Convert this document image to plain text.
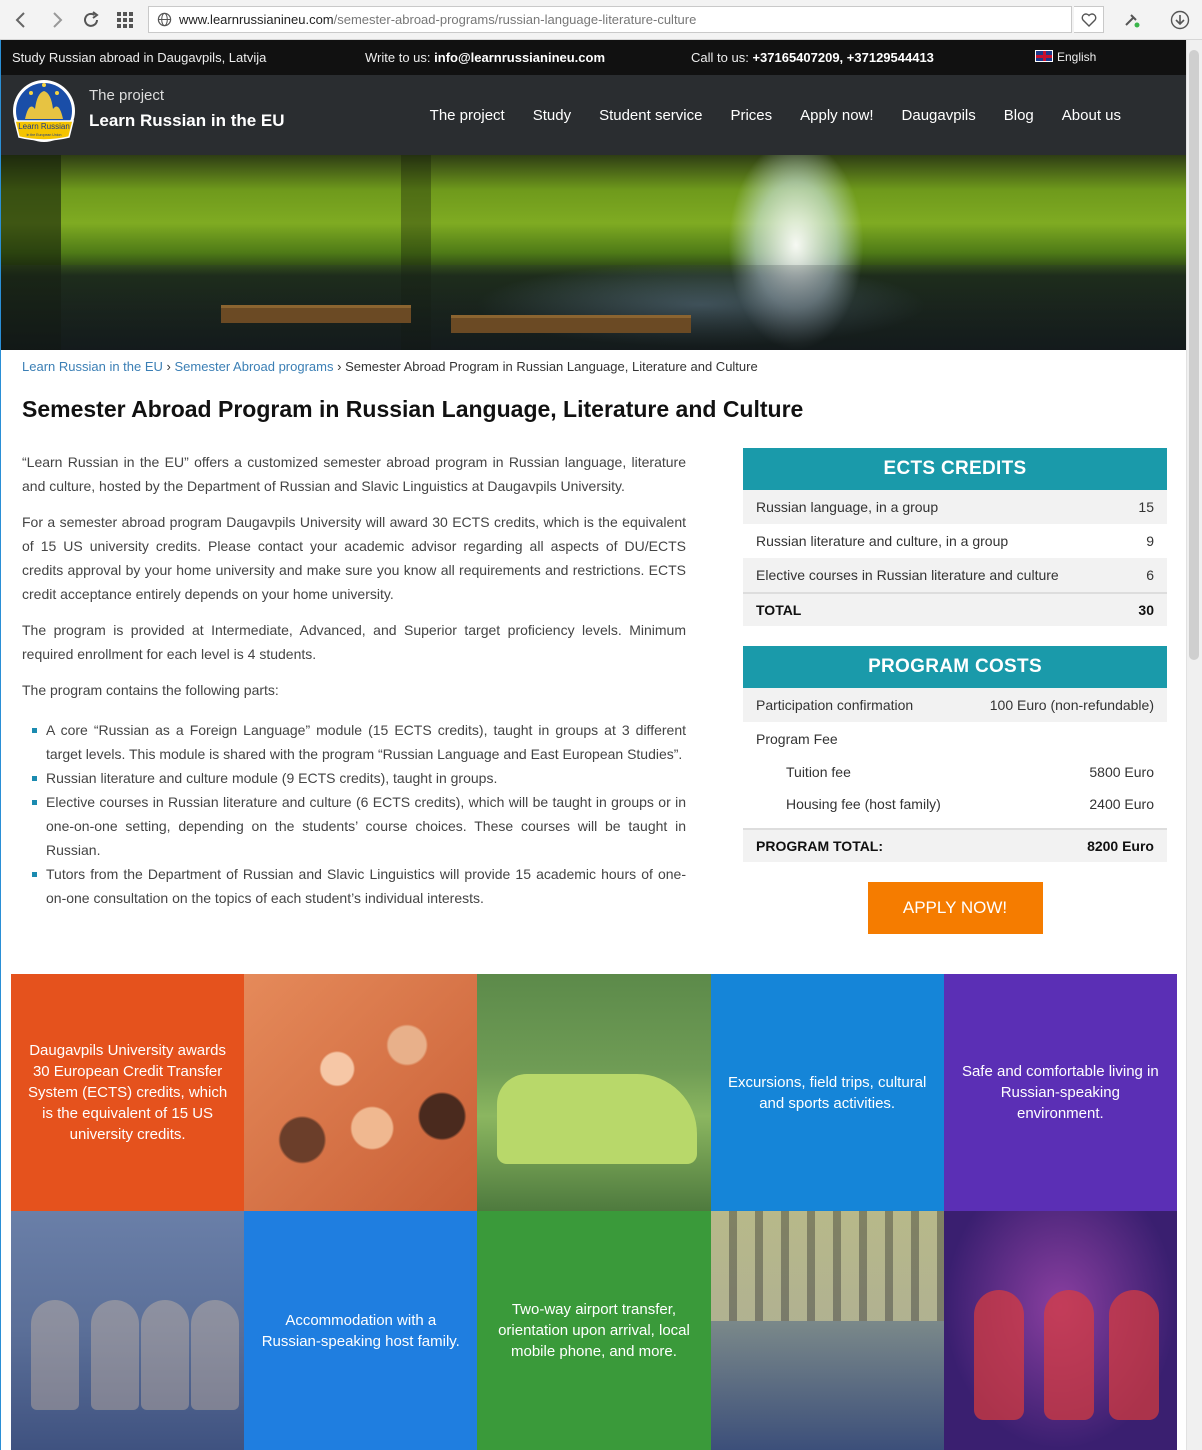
www.learnrussianineu.com /semester-abroad-programs/russian-language-literature-culture
Study Russian abroad in Daugavpils, Latvija	Write to us: info@learnrussianineu.com	Call to us: +37165407209, +37129544413	English
Learn Russian
in the European Union
The project
Learn Russian in the EU	The project Study Student service Prices Apply now! Daugavpils Blog About us
Learn Russian in the EU › Semester Abroad programs › Semester Abroad Program in Russian Language, Literature and Culture
Semester Abroad Program in Russian Language, Literature and Culture

“Learn Russian in the EU” offers a customized semester abroad program in Russian language, literature and culture, hosted by the Department of Russian and Slavic Linguistics at Daugavpils University.

For a semester abroad program Daugavpils University will award 30 ECTS credits, which is the equivalent of 15 US university credits. Please contact your academic advisor regarding all aspects of DU/ECTS credits approval by your home university and make sure you know all requirements and restrictions. ECTS credit acceptance entirely depends on your home university.

The program is provided at Intermediate, Advanced, and Superior target proficiency levels. Minimum required enrollment for each level is 4 students.

The program contains the following parts:

A core “Russian as a Foreign Language” module (15 ECTS credits), taught in groups at 3 different target levels. This module is shared with the program “Russian Language and East European Studies”.
Russian literature and culture module (9 ECTS credits), taught in groups.
Elective courses in Russian literature and culture (6 ECTS credits), which will be taught in groups or in one-on-one setting, depending on the students’ course choices. These courses will be taught in Russian.
Tutors from the Department of Russian and Slavic Linguistics will provide 15 academic hours of one-on-one consultation on the topics of each student’s individual interests.
ECTS CREDITS
Russian language, in a group	15
Russian literature and culture, in a group	9
Elective courses in Russian literature and culture	6
TOTAL	30
PROGRAM COSTS
Participation confirmation	100 Euro (non-refundable)
Program Fee
Tuition fee	5800 Euro
Housing fee (host family)	2400 Euro
PROGRAM TOTAL:	8200 Euro
APPLY NOW!
Daugavpils University awards 30 European Credit Transfer System (ECTS) credits, which is the equivalent of 15 US university credits.
Excursions, field trips, cultural and sports activities.
Safe and comfortable living in Russian-speaking environment.
Accommodation with a Russian-speaking host family.
Two-way airport transfer, orientation upon arrival, local mobile phone, and more.
